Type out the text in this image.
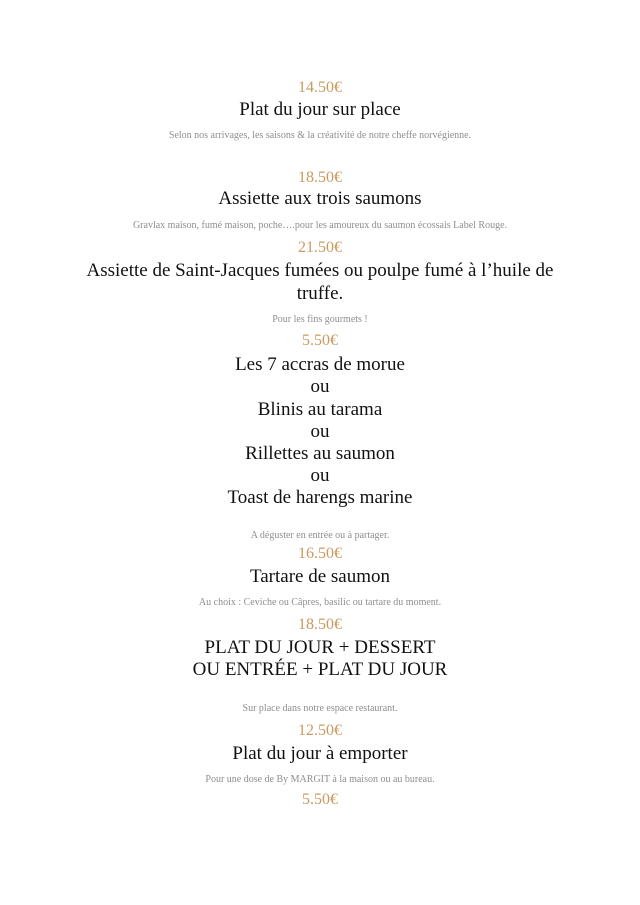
14.50€
Plat du jour sur place
Selon nos arrivages, les saisons & la créativité de notre cheffe norvégienne.
18.50€
Assiette aux trois saumons
Gravlax maison, fumé maison, poche….pour les amoureux du saumon écossais Label Rouge.
21.50€
Assiette de Saint-Jacques fumées ou poulpe fumé à l’huile de
truffe.
Pour les fins gourmets !
5.50€
Les 7 accras de morue
ou
Blinis au tarama
ou
Rillettes au saumon
ou
Toast de harengs marine
A déguster en entrée ou à partager.
16.50€
Tartare de saumon
Au choix : Ceviche ou Câpres, basilic ou tartare du moment.
18.50€
PLAT DU JOUR + DESSERT
OU ENTRÉE + PLAT DU JOUR
Sur place dans notre espace restaurant.
12.50€
Plat du jour à emporter
Pour une dose de By MARGIT à la maison ou au bureau.
5.50€
